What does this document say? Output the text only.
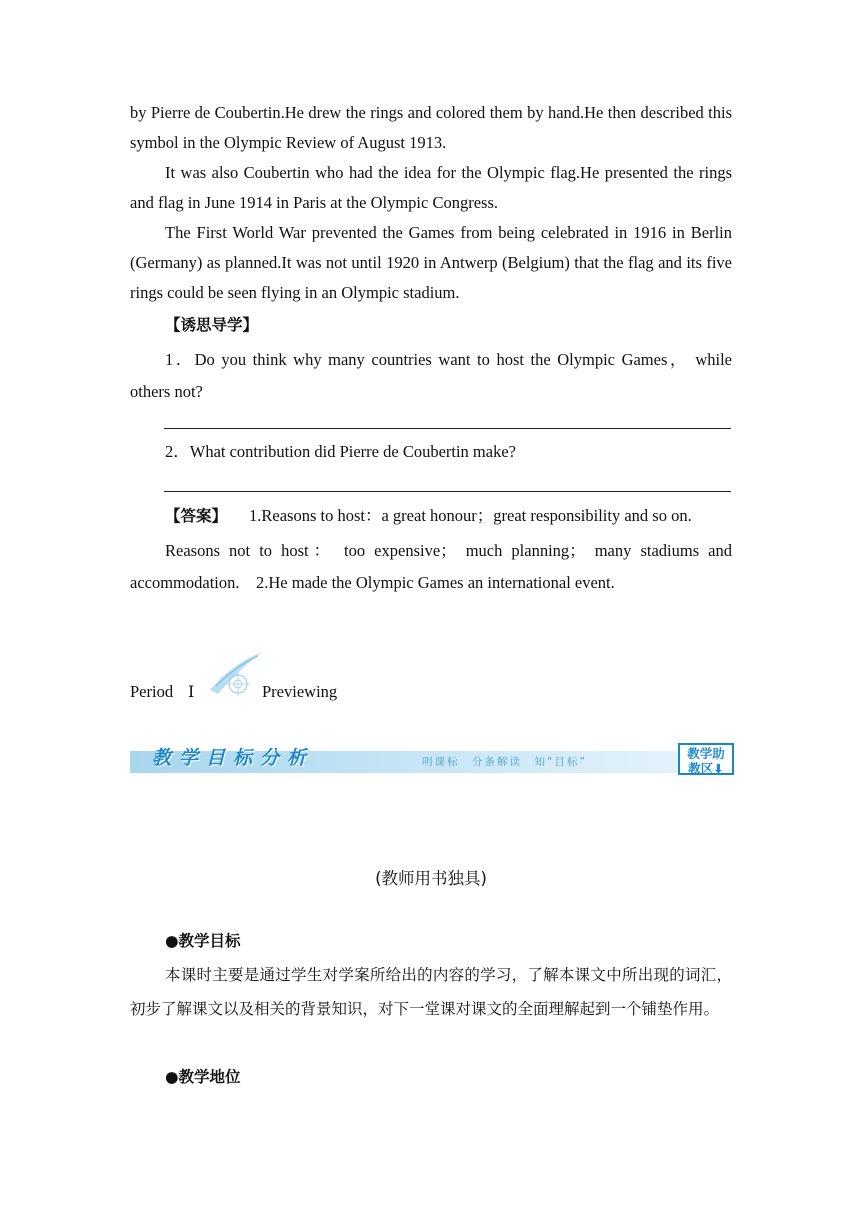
by Pierre de Coubertin.He drew the rings and colored them by hand.He then described this symbol in the Olympic Review of August 1913.

It was also Coubertin who had the idea for the Olympic flag.He presented the rings and flag in June 1914 in Paris at the Olympic Congress.

The First World War prevented the Games from being celebrated in 1916 in Berlin (Germany) as planned.It was not until 1920 in Antwerp (Belgium) that the flag and its five rings could be seen flying in an Olympic stadium.

【诱思导学】

1．Do you think why many countries want to host the Olympic Games， while others not?

2．What contribution did Pierre de Coubertin make?

【答案】 1.Reasons to host：a great honour；great responsibility and so on.

Reasons not to host： too expensive； much planning； many stadiums and accommodation.　2.He made the Olympic Games an international event.

Period Ⅰ	Previewing
教学目标分析	明课标　分条解读　知“目标”
教学助
教区⬇
(教师用书独具)
●教学目标

本课时主要是通过学生对学案所给出的内容的学习，了解本课文中所出现的词汇，初步了解课文以及相关的背景知识，对下一堂课对课文的全面理解起到一个铺垫作用。

●教学地位
